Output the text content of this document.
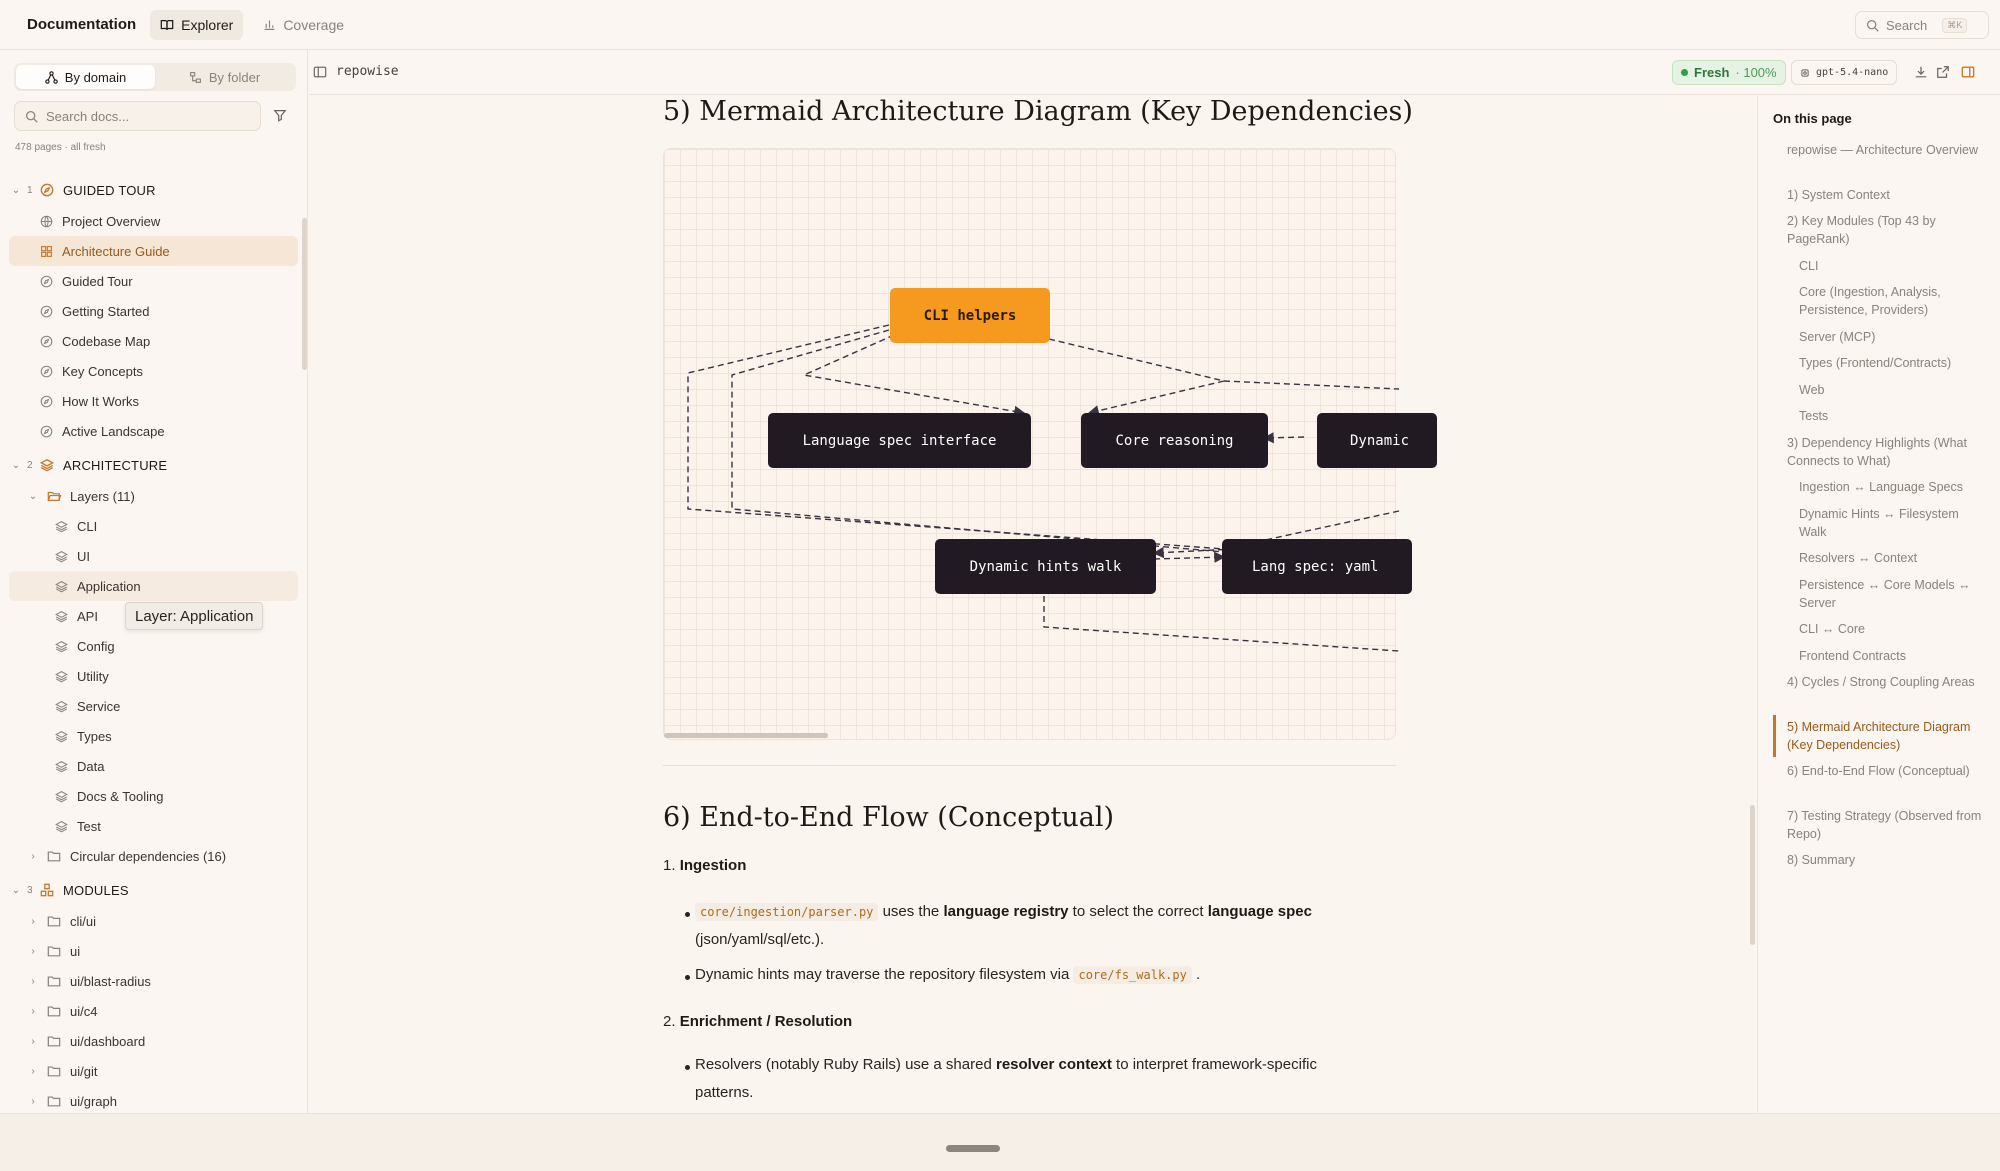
Documentation	Explorer	Coverage	Search	⌘K
By domain	By folder
Search docs...
478 pages · all fresh
⌄ 1 GUIDED TOUR
Project Overview
Architecture Guide
Guided Tour
Getting Started
Codebase Map
Key Concepts
How It Works
Active Landscape
⌄ 2 ARCHITECTURE
⌄	Layers (11)
CLI
UI
Application
API
Config
Utility
Service
Types
Data
Docs & Tooling
Test
›	Circular dependencies (16)
⌄ 3 MODULES
›	cli/ui
›	ui
›	ui/blast-radius
›	ui/c4
›	ui/dashboard
›	ui/git
›	ui/graph
Layer: Application
repowise	Fresh · 100%	gpt-5.4-nano
5) Mermaid Architecture Diagram (Key Dependencies)
CLI helpers
Language spec interface	Core reasoning	Dynamic
Dynamic hints walk	Lang spec: yaml
6) End-to-End Flow (Conceptual)
1. Ingestion
core/ingestion/parser.py uses the language registry to select the correct language spec
(json/yaml/sql/etc.).
Dynamic hints may traverse the repository filesystem via core/fs_walk.py .
2. Enrichment / Resolution
Resolvers (notably Ruby Rails) use a shared resolver context to interpret framework-specific
patterns.
On this page
repowise — Architecture Overview
1) System Context
2) Key Modules (Top 43 by PageRank)
CLI
Core (Ingestion, Analysis, Persistence, Providers)
Server (MCP)
Types (Frontend/Contracts)
Web
Tests
3) Dependency Highlights (What Connects to What)
Ingestion ↔ Language Specs
Dynamic Hints ↔ Filesystem Walk
Resolvers ↔ Context
Persistence ↔ Core Models ↔ Server
CLI ↔ Core
Frontend Contracts
4) Cycles / Strong Coupling Areas
5) Mermaid Architecture Diagram (Key Dependencies)
6) End-to-End Flow (Conceptual)
7) Testing Strategy (Observed from Repo)
8) Summary
